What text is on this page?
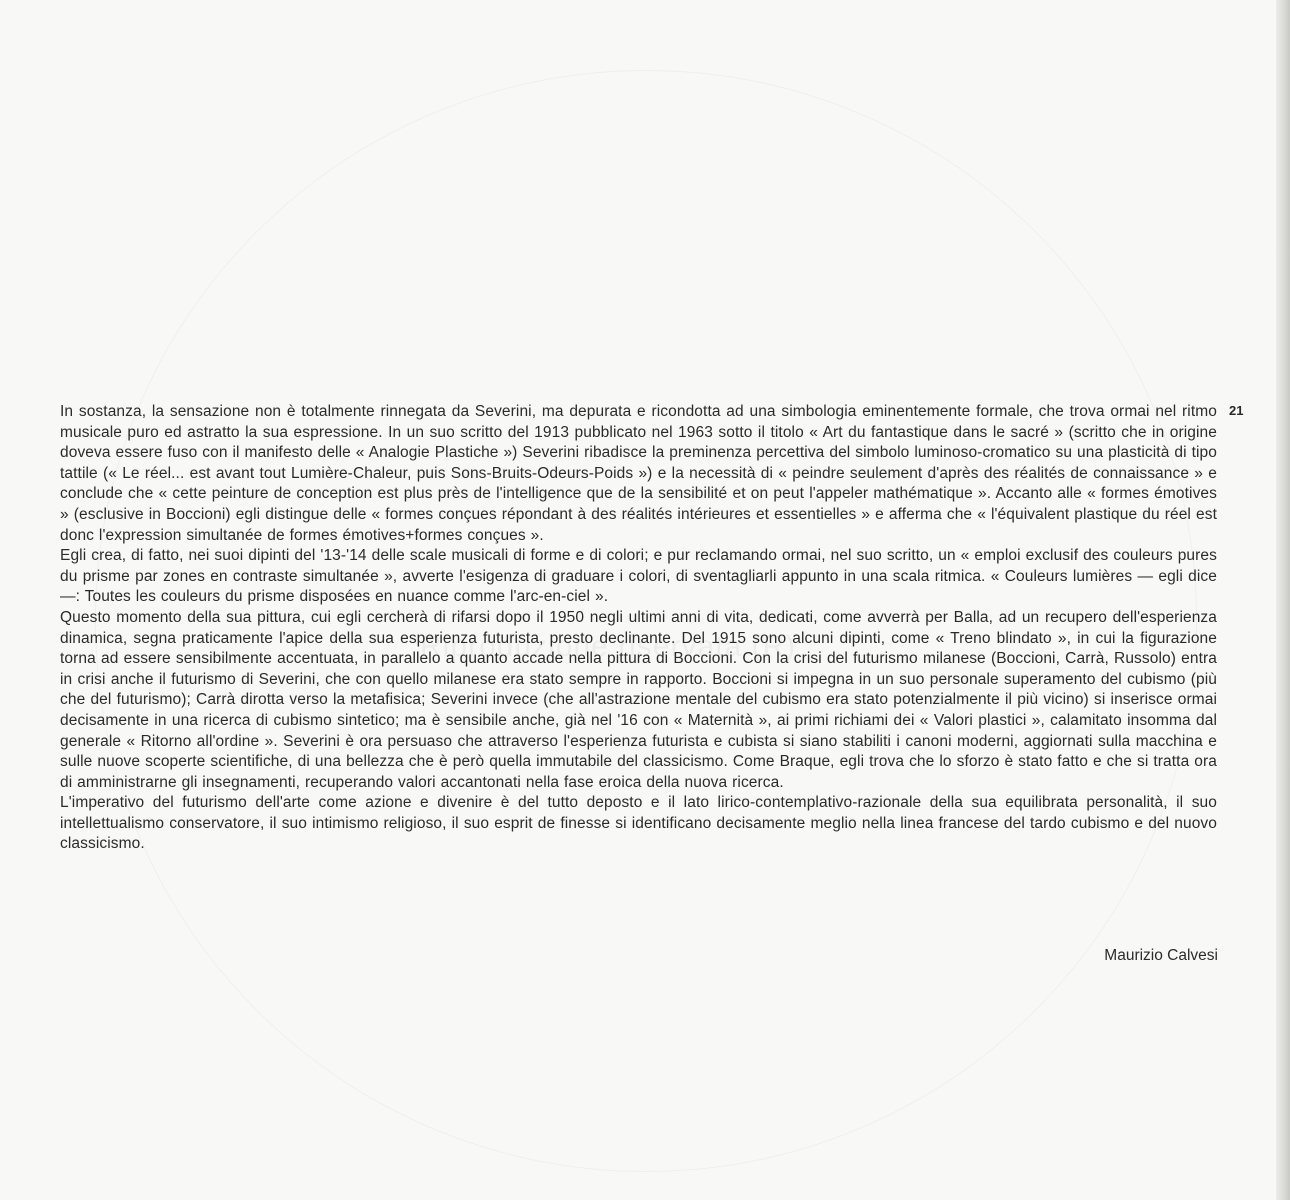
21

In sostanza, la sensazione non è totalmente rinnegata da Severini, ma depurata e ricondotta ad una simbologia eminentemente formale, che trova ormai nel ritmo musicale puro ed astratto la sua espressione. In un suo scritto del 1913 pubblicato nel 1963 sotto il titolo « Art du fantastique dans le sacré » (scritto che in origine doveva essere fuso con il manifesto delle « Analogie Plastiche ») Severini ribadisce la preminenza percettiva del simbolo luminoso-cromatico su una plasticità di tipo tattile (« Le réel... est avant tout Lumière-Chaleur, puis Sons-Bruits-Odeurs-Poids ») e la necessità di « peindre seulement d'après des réalités de connaissance » e conclude che « cette peinture de conception est plus près de l'intelligence que de la sensibilité et on peut l'appeler mathématique ». Accanto alle « formes émotives » (esclusive in Boccioni) egli distingue delle « formes conçues répondant à des réalités intérieures et essentielles » e afferma che « l'équivalent plastique du réel est donc l'expression simultanée de formes émotives+formes conçues ».

Egli crea, di fatto, nei suoi dipinti del '13-'14 delle scale musicali di forme e di colori; e pur reclamando ormai, nel suo scritto, un « emploi exclusif des couleurs pures du prisme par zones en contraste simultanée », avverte l'esigenza di graduare i colori, di sventagliarli appunto in una scala ritmica. « Couleurs lumières — egli dice —: Toutes les couleurs du prisme disposées en nuance comme l'arc-en-ciel ».

Questo momento della sua pittura, cui egli cercherà di rifarsi dopo il 1950 negli ultimi anni di vita, dedicati, come avverrà per Balla, ad un recupero dell'esperienza dinamica, segna praticamente l'apice della sua esperienza futurista, presto declinante. Del 1915 sono alcuni dipinti, come « Treno blindato », in cui la figurazione torna ad essere sensibilmente accentuata, in parallelo a quanto accade nella pittura di Boccioni. Con la crisi del futurismo milanese (Boccioni, Carrà, Russolo) entra in crisi anche il futurismo di Severini, che con quello milanese era stato sempre in rapporto. Boccioni si impegna in un suo personale superamento del cubismo (più che del futurismo); Carrà dirotta verso la metafisica; Severini invece (che all'astrazione mentale del cubismo era stato potenzialmente il più vicino) si inserisce ormai decisamente in una ricerca di cubismo sintetico; ma è sensibile anche, già nel '16 con « Maternità », ai primi richiami dei « Valori plastici », calamitato insomma dal generale « Ritorno all'ordine ». Severini è ora persuaso che attraverso l'esperienza futurista e cubista si siano stabiliti i canoni moderni, aggiornati sulla macchina e sulle nuove scoperte scientifiche, di una bellezza che è però quella immutabile del classicismo. Come Braque, egli trova che lo sforzo è stato fatto e che si tratta ora di amministrarne gli insegnamenti, recuperando valori accantonati nella fase eroica della nuova ricerca.

L'imperativo del futurismo dell'arte come azione e divenire è del tutto deposto e il lato lirico-contemplativo-razionale della sua equilibrata personalità, il suo intellettualismo conservatore, il suo intimismo religioso, il suo esprit de finesse si identificano decisamente meglio nella linea francese del tardo cubismo e del nuovo classicismo.

Maurizio Calvesi
